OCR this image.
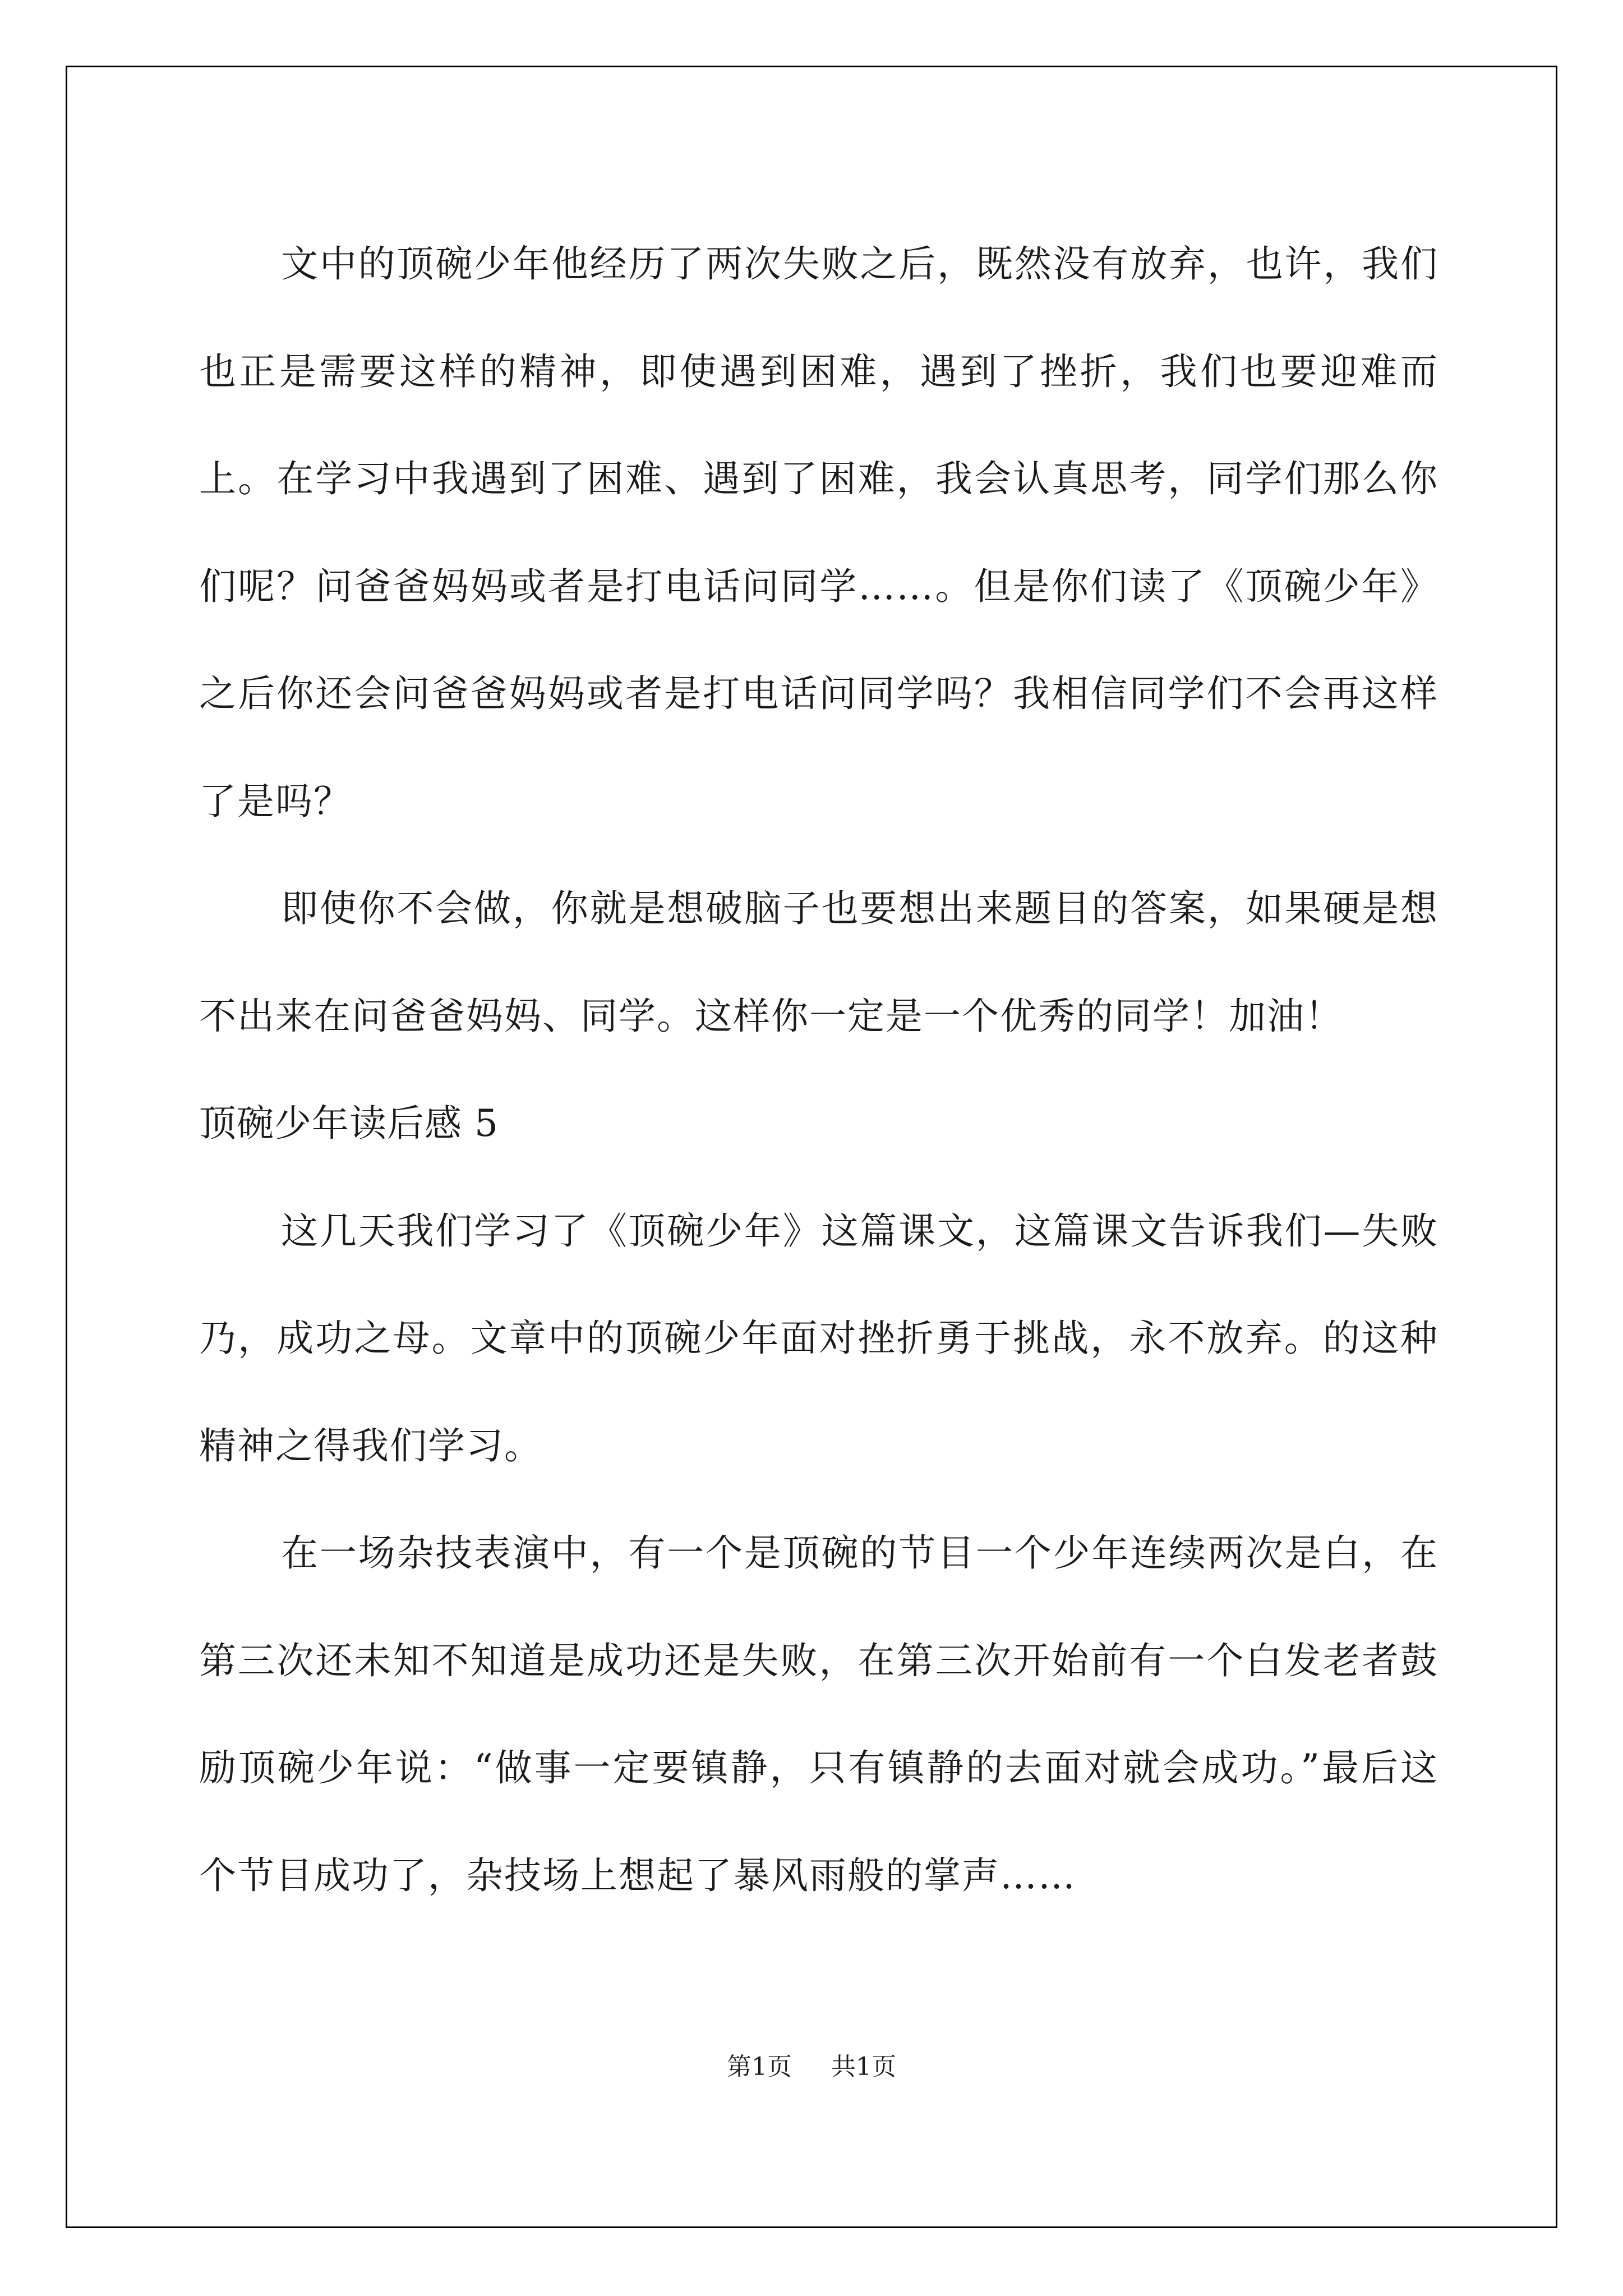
文中的顶碗少年他经历了两次失败之后，既然没有放弃，也许，我们也正是需要这样的精神，即使遇到困难，遇到了挫折，我们也要迎难而上。在学习中我遇到了困难、遇到了困难，我会认真思考，同学们那么你们呢？问爸爸妈妈或者是打电话问同学……。但是你们读了《顶碗少年》之后你还会问爸爸妈妈或者是打电话问同学吗？我相信同学们不会再这样了是吗？

即使你不会做，你就是想破脑子也要想出来题目的答案，如果硬是想不出来在问爸爸妈妈、同学。这样你一定是一个优秀的同学！加油！

顶碗少年读后感 5

这几天我们学习了《顶碗少年》这篇课文，这篇课文告诉我们—失败乃，成功之母。文章中的顶碗少年面对挫折勇于挑战，永不放弃。的这种精神之得我们学习。

在一场杂技表演中，有一个是顶碗的节目一个少年连续两次是白，在第三次还未知不知道是成功还是失败，在第三次开始前有一个白发老者鼓励顶碗少年说：“做事一定要镇静，只有镇静的去面对就会成功。”最后这个节目成功了，杂技场上想起了暴风雨般的掌声……

第1页 共1页
